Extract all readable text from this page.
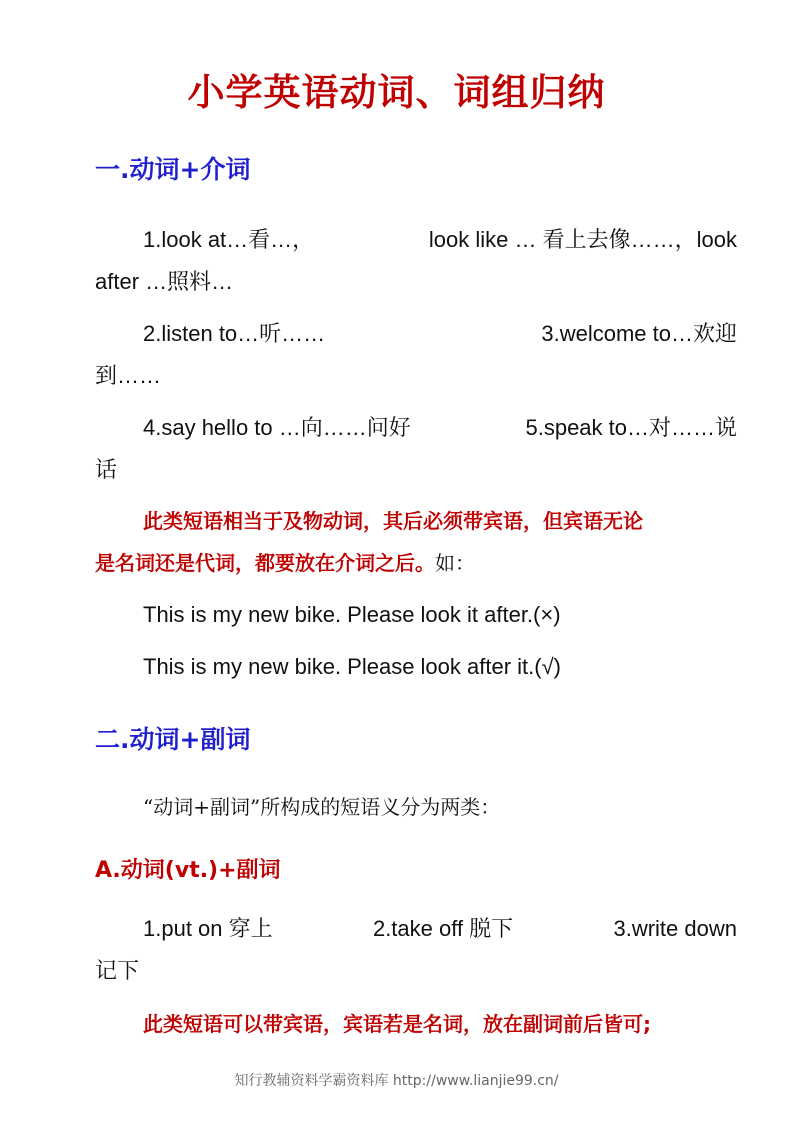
小学英语动词、词组归纳
一.动词+介词
1.look at…看…，	look like … 看上去像……，look
after …照料…
2.listen to…听……	3.welcome to…欢迎
到……
4.say hello to …向……问好	5.speak to…对……说
话
此类短语相当于及物动词，其后必须带宾语，但宾语无论
是名词还是代词，都要放在介词之后。如：
This is my new bike. Please look it after.(×)
This is my new bike. Please look after it.(√)
二.动词+副词
“动词+副词”所构成的短语义分为两类：
A.动词(vt.)+副词
1.put on 穿上	2.take off 脱下	3.write down
记下
此类短语可以带宾语，宾语若是名词，放在副词前后皆可;
知行教辅资料学霸资料库 http://www.lianjie99.cn/
